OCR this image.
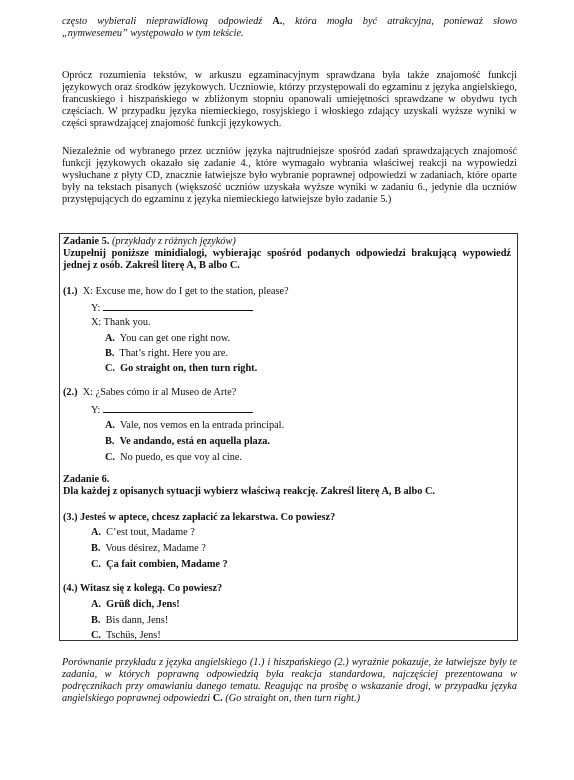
często wybierali nieprawidłową odpowiedź A., która mogła być atrakcyjna, ponieważ słowo
„nymwesemeu” występowało w tym tekście.
Oprócz rozumienia tekstów, w arkuszu egzaminacyjnym sprawdzana była także znajomość funkcji językowych oraz środków językowych. Uczniowie, którzy przystępowali do egzaminu z języka angielskiego, francuskiego i hiszpańskiego w zbliżonym stopniu opanowali umiejętności sprawdzane w obydwu tych częściach. W przypadku języka niemieckiego, rosyjskiego i włoskiego zdający uzyskali wyższe wyniki w części sprawdzającej znajomość funkcji językowych.
Niezależnie od wybranego przez uczniów języka najtrudniejsze spośród zadań sprawdzających znajomość funkcji językowych okazało się zadanie 4., które wymagało wybrania właściwej reakcji na wypowiedzi wysłuchane z płyty CD, znacznie łatwiejsze było wybranie poprawnej odpowiedzi w zadaniach, które oparte były na tekstach pisanych (większość uczniów uzyskała wyższe wyniki w zadaniu 6., jedynie dla uczniów przystępujących do egzaminu z języka niemieckiego łatwiejsze było zadanie 5.)
Zadanie 5. (przykłady z różnych języków)
Uzupełnij poniższe minidialogi, wybierając spośród podanych odpowiedzi brakującą wypowiedź jednej z osób. Zakreśl literę A, B albo C.
(1.) X: Excuse me, how do I get to the station, please?
Y:
X: Thank you.
A. You can get one right now.
B. That’s right. Here you are.
C. Go straight on, then turn right.
(2.) X: ¿Sabes cómo ir al Museo de Arte?
Y:
A. Vale, nos vemos en la entrada principal.
B. Ve andando, está en aquella plaza.
C. No puedo, es que voy al cine.
Zadanie 6.
Dla każdej z opisanych sytuacji wybierz właściwą reakcję. Zakreśl literę A, B albo C.
(3.) Jesteś w aptece, chcesz zapłacić za lekarstwa. Co powiesz?
A. C’est tout, Madame ?
B. Vous désirez, Madame ?
C. Ça fait combien, Madame ?
(4.) Witasz się z kolegą. Co powiesz?
A. Grüß dich, Jens!
B. Bis dann, Jens!
C. Tschüs, Jens!
Porównanie przykładu z języka angielskiego (1.) i hiszpańskiego (2.) wyraźnie pokazuje, że łatwiejsze były te zadania, w których poprawną odpowiedzią była reakcja standardowa, najczęściej prezentowana w podręcznikach przy omawianiu danego tematu. Reagując na prośbę o wskazanie drogi, w przypadku języka angielskiego poprawnej odpowiedzi C. (Go straight on, then turn right.)
